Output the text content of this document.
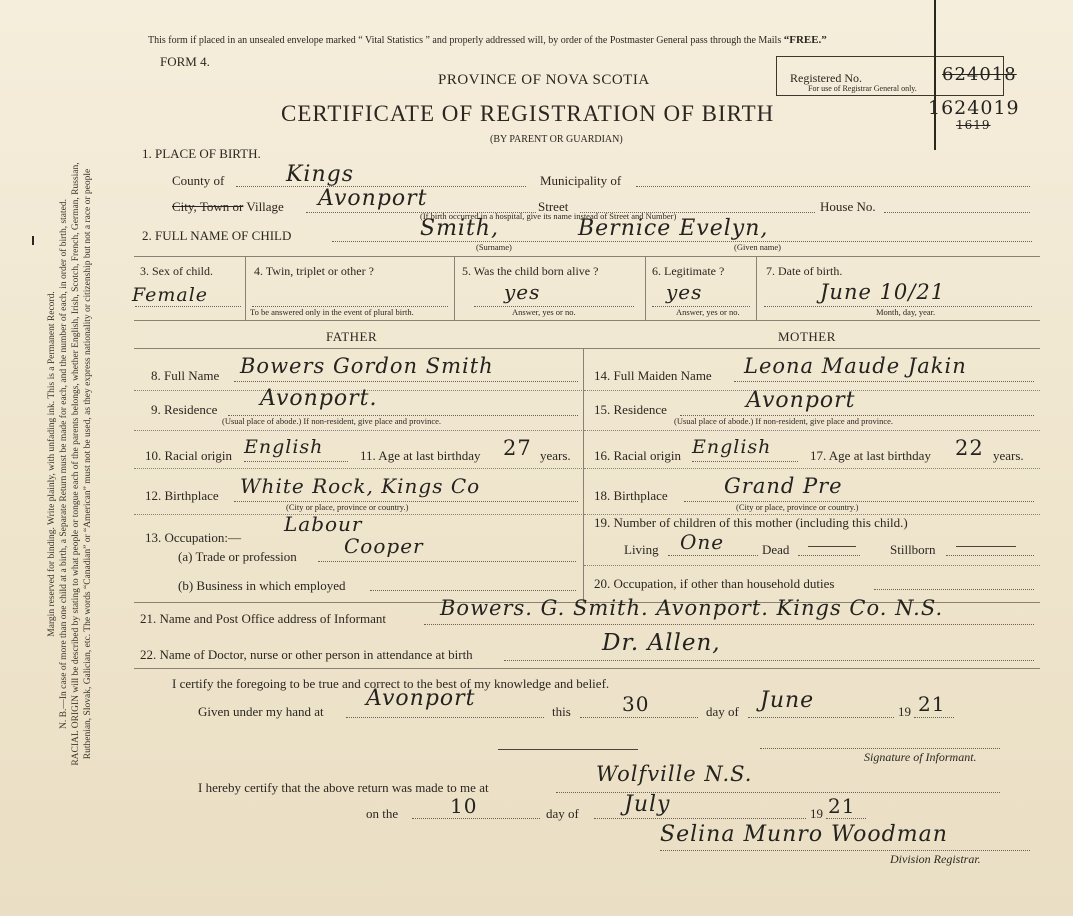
Margin reserved for binding. Write plainly, with unfading ink. This is a Permanent Record. N. B.—In case of more than one child at a birth, a Separate Return must be made for each, and the number of each, in order of birth, stated. RACIAL ORIGIN will be described by stating to what people or tongue each of the parents belongs, whether English, Irish, Scotch, French, German, Russian, Ruthenian, Slovak, Galician, etc. The words “Canadian” or “American” must not be used, as they express nationality or citizenship but not a race or people
This form if placed in an unsealed envelope marked “ Vital Statistics ” and properly addressed will, by order of the Postmaster General pass through the Mails “FREE.”
FORM 4.
PROVINCE OF NOVA SCOTIA
CERTIFICATE OF REGISTRATION OF BIRTH
(BY PARENT OR GUARDIAN)
Registered No.
For use of Registrar General only.
624018
1624019
1619
1. PLACE OF BIRTH.
County of	Kings	Municipality of
City, Town or Village Avonport	Street	House No.
(If birth occurred in a hospital, give its name instead of Street and Number)
2. FULL NAME OF CHILD	Smith,	Bernice Evelyn,
(Surname)	(Given name)
3. Sex of child.
Female
4. Twin, triplet or other ?
To be answered only in the event of plural birth.
5. Was the child born alive ?
yes
Answer, yes or no.
6. Legitimate ?
yes
Answer, yes or no.
7. Date of birth.
June 10/21
Month, day, year.
FATHER	MOTHER
8. Full Name Bowers Gordon Smith
9. Residence Avonport.
(Usual place of abode.) If non-resident, give place and province.
10. Racial origin English	11. Age at last birthday 27 years.
12. Birthplace White Rock, Kings Co
(City or place, province or country.)
13. Occupation:—
Labour
(a) Trade or profession Cooper
(b) Business in which employed
14. Full Maiden Name Leona Maude Jakin
15. Residence	Avonport
(Usual place of abode.) If non-resident, give place and province.
16. Racial origin English	17. Age at last birthday 22 years.
18. Birthplace	Grand Pre
(City or place, province or country.)
19. Number of children of this mother (including this child.)
Living One	Dead	Stillborn
20. Occupation, if other than household duties
21. Name and Post Office address of Informant	Bowers. G. Smith. Avonport. Kings Co. N.S.
22. Name of Doctor, nurse or other person in attendance at birth	Dr. Allen,
I certify the foregoing to be true and correct to the best of my knowledge and belief.
Given under my hand at
Avonport
this	30	day of June	19 21
Signature of Informant.
I hereby certify that the above return was made to me at
Wolfville N.S.
on the	10	day of July	19 21
Selina Munro Woodman
Division Registrar.
